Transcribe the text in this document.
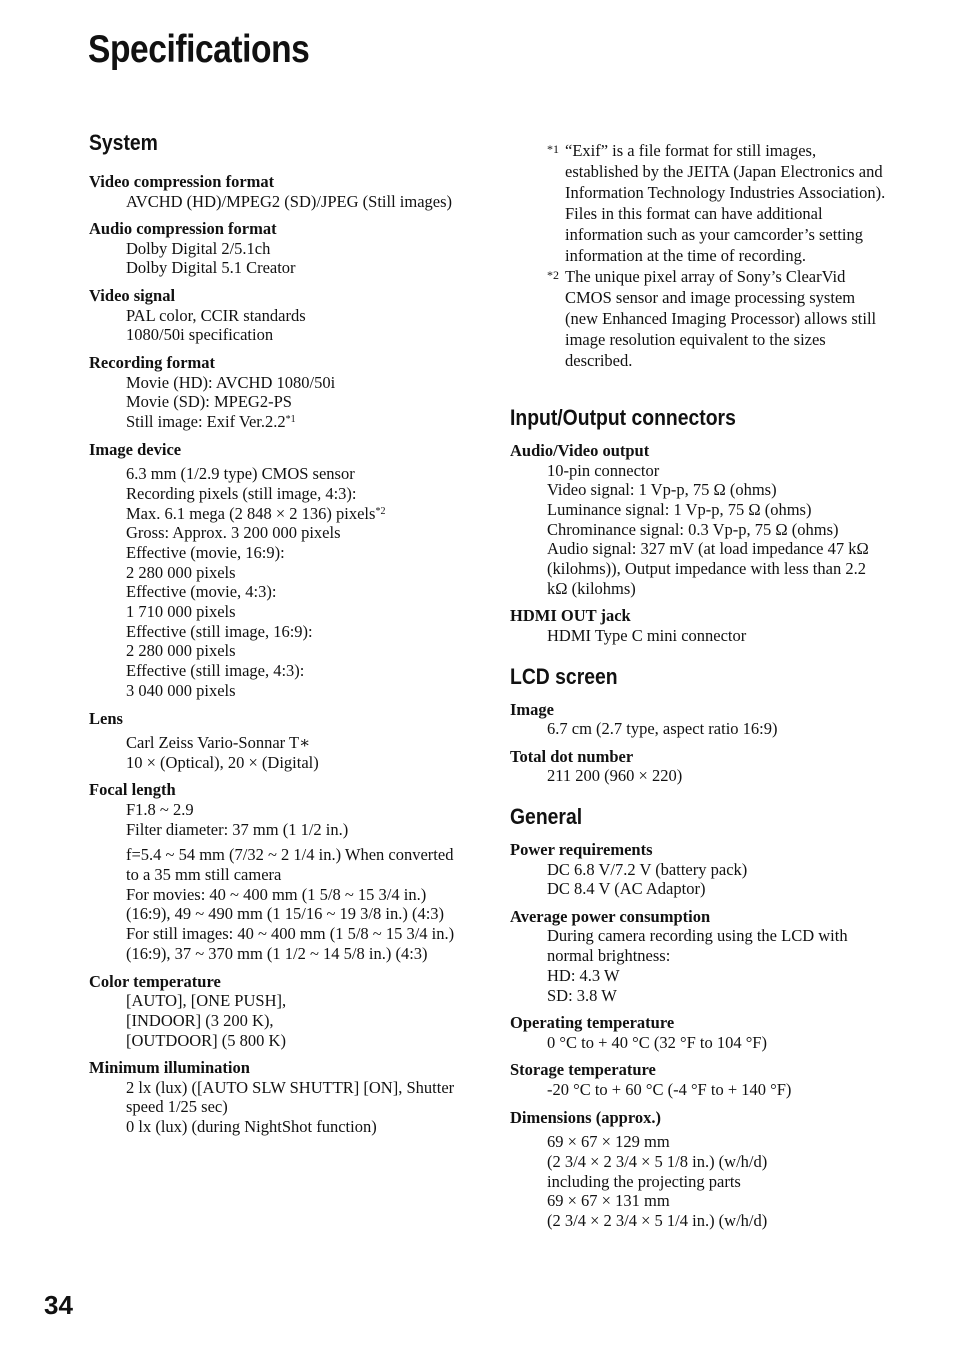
Specifications
System

Video compression format

AVCHD (HD)/MPEG2 (SD)/JPEG (Still images)

Audio compression format

Dolby Digital 2/5.1ch
Dolby Digital 5.1 Creator

Video signal

PAL color, CCIR standards
1080/50i specification

Recording format

Movie (HD): AVCHD 1080/50i
Movie (SD): MPEG2-PS
Still image: Exif Ver.2.2$^{*1}$

Image device

6.3 mm (1/2.9 type) CMOS sensor
Recording pixels (still image, 4:3):
Max. 6.1 mega (2 848 × 2 136) pixels$^{*2}$
Gross: Approx. 3 200 000 pixels
Effective (movie, 16:9):
2 280 000 pixels
Effective (movie, 4:3):
1 710 000 pixels
Effective (still image, 16:9):
2 280 000 pixels
Effective (still image, 4:3):
3 040 000 pixels

Lens

Carl Zeiss Vario-Sonnar T∗
10 × (Optical), 20 × (Digital)

Focal length

F1.8 ~ 2.9
Filter diameter: 37 mm (1 1/2 in.)

f=5.4 ~ 54 mm (7/32 ~ 2 1/4 in.) When converted to a 35 mm still camera
For movies: 40 ~ 400 mm (1 5/8 ~ 15 3/4 in.) (16:9), 49 ~ 490 mm (1 15/16 ~ 19 3/8 in.) (4:3)
For still images: 40 ~ 400 mm (1 5/8 ~ 15 3/4 in.) (16:9), 37 ~ 370 mm (1 1/2 ~ 14 5/8 in.) (4:3)

Color temperature

[AUTO], [ONE PUSH],
[INDOOR] (3 200 K),
[OUTDOOR] (5 800 K)

Minimum illumination

2 lx (lux) ([AUTO SLW SHUTTR] [ON], Shutter speed 1/25 sec)
0 lx (lux) (during NightShot function)

*1 “Exif” is a file format for still images, established by the JEITA (Japan Electronics and Information Technology Industries Association). Files in this format can have additional information such as your camcorder’s setting information at the time of recording.

*2 The unique pixel array of Sony’s ClearVid CMOS sensor and image processing system (new Enhanced Imaging Processor) allows still image resolution equivalent to the sizes described.

Input/Output connectors

Audio/Video output

10-pin connector
Video signal: 1 Vp-p, 75 Ω (ohms)
Luminance signal: 1 Vp-p, 75 Ω (ohms)
Chrominance signal: 0.3 Vp-p, 75 Ω (ohms)
Audio signal: 327 mV (at load impedance 47 kΩ (kilohms)), Output impedance with less than 2.2 kΩ (kilohms)

HDMI OUT jack

HDMI Type C mini connector

LCD screen

Image

6.7 cm (2.7 type, aspect ratio 16:9)

Total dot number

211 200 (960 × 220)

General

Power requirements

DC 6.8 V/7.2 V (battery pack)
DC 8.4 V (AC Adaptor)

Average power consumption

During camera recording using the LCD with normal brightness:
HD: 4.3 W
SD: 3.8 W

Operating temperature

0 °C to + 40 °C (32 °F to 104 °F)

Storage temperature

-20 °C to + 60 °C (-4 °F to + 140 °F)

Dimensions (approx.)

69 × 67 × 129 mm
(2 3/4 × 2 3/4 × 5 1/8 in.) (w/h/d)
including the projecting parts
69 × 67 × 131 mm
(2 3/4 × 2 3/4 × 5 1/4 in.) (w/h/d)

34
